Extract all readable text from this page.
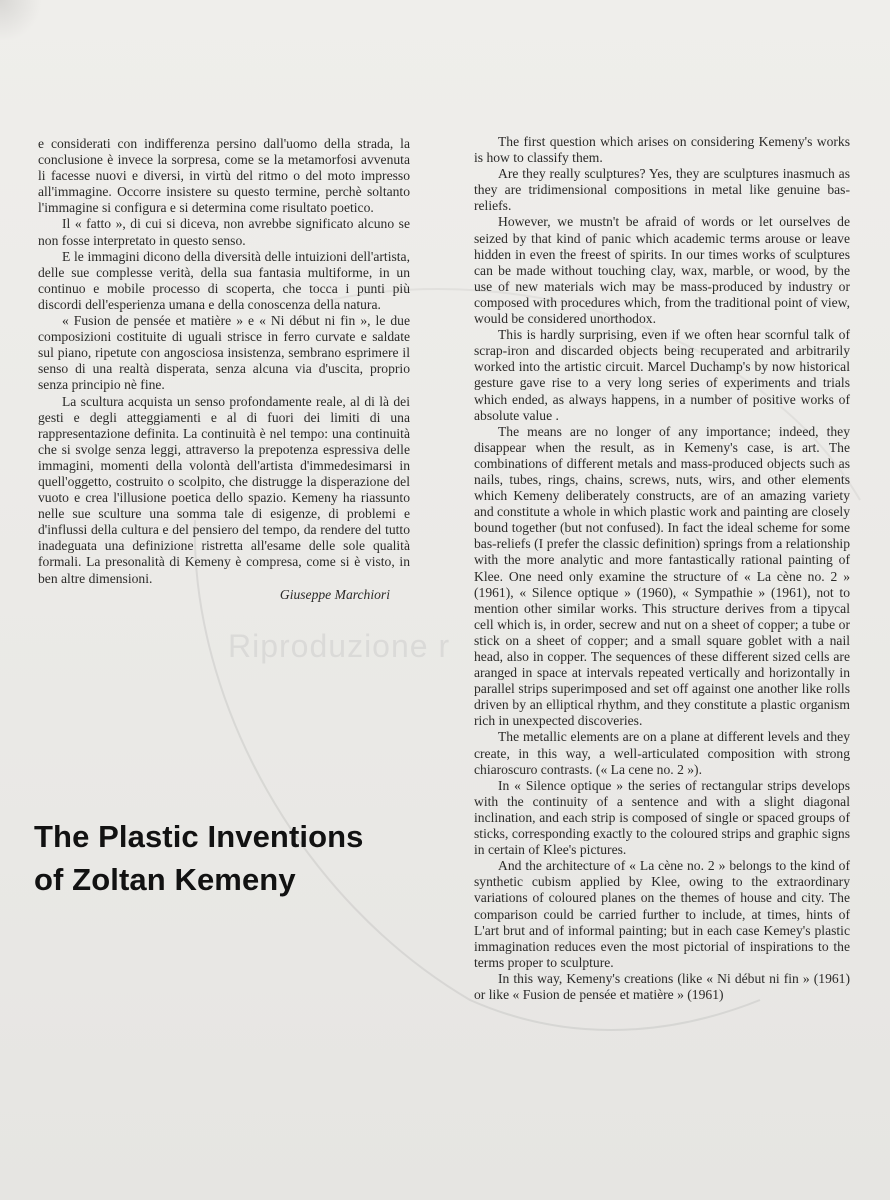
Riproduzione r

e considerati con indifferenza persino dall'uomo della strada, la conclusione è invece la sorpresa, come se la metamorfosi avvenuta li facesse nuovi e diversi, in virtù del ritmo o del moto impresso all'immagine. Occorre insistere su questo termine, perchè soltanto l'immagine si configura e si determina come risultato poetico.

Il « fatto », di cui si diceva, non avrebbe significato alcuno se non fosse interpretato in questo senso.

E le immagini dicono della diversità delle intuizioni dell'artista, delle sue complesse verità, della sua fantasia multiforme, in un continuo e mobile processo di scoperta, che tocca i punti più discordi dell'esperienza umana e della conoscenza della natura.

« Fusion de pensée et matière » e « Ni début ni fin », le due composizioni costituite di uguali strisce in ferro curvate e saldate sul piano, ripetute con angosciosa insistenza, sembrano esprimere il senso di una realtà disperata, senza alcuna via d'uscita, proprio senza principio nè fine.

La scultura acquista un senso profondamente reale, al di là dei gesti e degli atteggiamenti e al di fuori dei limiti di una rappresentazione definita. La continuità è nel tempo: una continuità che si svolge senza leggi, attraverso la prepotenza espressiva delle immagini, momenti della volontà dell'artista d'immedesimarsi in quell'oggetto, costruito o scolpito, che distrugge la disperazione del vuoto e crea l'illusione poetica dello spazio. Kemeny ha riassunto nelle sue sculture una somma tale di esigenze, di problemi e d'influssi della cultura e del pensiero del tempo, da rendere del tutto inadeguata una definizione ristretta all'esame delle sole qualità formali. La presonalità di Kemeny è compresa, come si è visto, in ben altre dimensioni.

Giuseppe Marchiori

The Plastic Inventions
of Zoltan Kemeny

The first question which arises on considering Kemeny's works is how to classify them.

Are they really sculptures? Yes, they are sculptures inasmuch as they are tridimensional compositions in metal like genuine bas-reliefs.

However, we mustn't be afraid of words or let ourselves de seized by that kind of panic which academic terms arouse or leave hidden in even the freest of spirits. In our times works of sculptures can be made without touching clay, wax, marble, or wood, by the use of new materials wich may be mass-produced by industry or composed with procedures which, from the traditional point of view, would be considered unorthodox.

This is hardly surprising, even if we often hear scornful talk of scrap-iron and discarded objects being recuperated and arbitrarily worked into the artistic circuit. Marcel Duchamp's by now historical gesture gave rise to a very long series of experiments and trials which ended, as always happens, in a number of positive works of absolute value .

The means are no longer of any importance; indeed, they disappear when the result, as in Kemeny's case, is art. The combinations of different metals and mass-produced objects such as nails, tubes, rings, chains, screws, nuts, wirs, and other elements which Kemeny deliberately constructs, are of an amazing variety and constitute a whole in which plastic work and painting are closely bound together (but not confused). In fact the ideal scheme for some bas-reliefs (I prefer the classic definition) springs from a relationship with the more analytic and more fantastically rational painting of Klee. One need only examine the structure of « La cène no. 2 » (1961), « Silence optique » (1960), « Sympathie » (1961), not to mention other similar works. This structure derives from a tipycal cell which is, in order, secrew and nut on a sheet of copper; a tube or stick on a sheet of copper; and a small square goblet with a nail head, also in copper. The sequences of these different sized cells are aranged in space at intervals repeated vertically and horizontally in parallel strips superimposed and set off against one another like rolls driven by an elliptical rhythm, and they constitute a plastic organism rich in unexpected discoveries.

The metallic elements are on a plane at different levels and they create, in this way, a well-articulated composition with strong chiaroscuro contrasts. (« La cene no. 2 »).

In « Silence optique » the series of rectangular strips develops with the continuity of a sentence and with a slight diagonal inclination, and each strip is composed of single or spaced groups of sticks, corresponding exactly to the coloured strips and graphic signs in certain of Klee's pictures.

And the architecture of « La cène no. 2 » belongs to the kind of synthetic cubism applied by Klee, owing to the extraordinary variations of coloured planes on the themes of house and city. The comparison could be carried further to include, at times, hints of L'art brut and of informal painting; but in each case Kemey's plastic immagination reduces even the most pictorial of inspirations to the terms proper to sculpture.

In this way, Kemeny's creations (like « Ni début ni fin » (1961) or like « Fusion de pensée et matière » (1961)
